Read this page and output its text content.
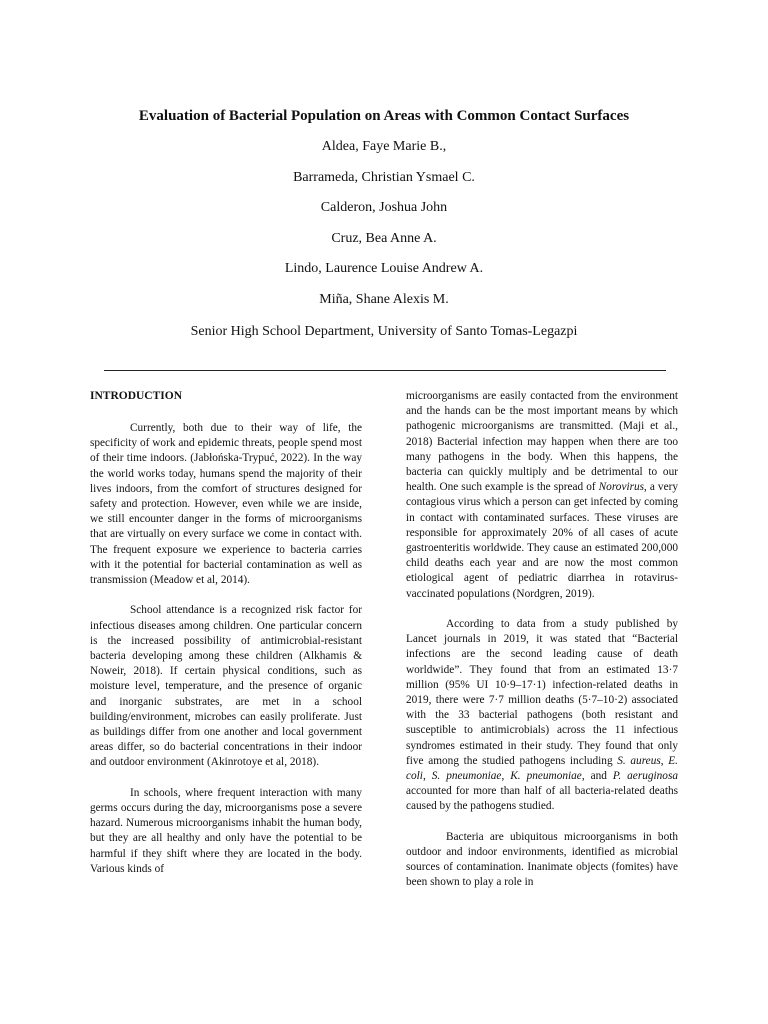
Evaluation of Bacterial Population on Areas with Common Contact Surfaces
Aldea, Faye Marie B.,
Barrameda, Christian Ysmael C.
Calderon, Joshua John
Cruz, Bea Anne A.
Lindo, Laurence Louise Andrew A.
Miña, Shane Alexis M.
Senior High School Department, University of Santo Tomas-Legazpi
INTRODUCTION

Currently, both due to their way of life, the specificity of work and epidemic threats, people spend most of their time indoors. (Jabłońska-Trypuć, 2022). In the way the world works today, humans spend the majority of their lives indoors, from the comfort of structures designed for safety and protection. However, even while we are inside, we still encounter danger in the forms of microorganisms that are virtually on every surface we come in contact with. The frequent exposure we experience to bacteria carries with it the potential for bacterial contamination as well as transmission (Meadow et al, 2014).

School attendance is a recognized risk factor for infectious diseases among children. One particular concern is the increased possibility of antimicrobial-resistant bacteria developing among these children (Alkhamis & Noweir, 2018). If certain physical conditions, such as moisture level, temperature, and the presence of organic and inorganic substrates, are met in a school building/environment, microbes can easily proliferate. Just as buildings differ from one another and local government areas differ, so do bacterial concentrations in their indoor and outdoor environment (Akinrotoye et al, 2018).

In schools, where frequent interaction with many germs occurs during the day, microorganisms pose a severe hazard. Numerous microorganisms inhabit the human body, but they are all healthy and only have the potential to be harmful if they shift where they are located in the body. Various kinds of

microorganisms are easily contacted from the environment and the hands can be the most important means by which pathogenic microorganisms are transmitted. (Maji et al., 2018) Bacterial infection may happen when there are too many pathogens in the body. When this happens, the bacteria can quickly multiply and be detrimental to our health. One such example is the spread of Norovirus, a very contagious virus which a person can get infected by coming in contact with contaminated surfaces. These viruses are responsible for approximately 20% of all cases of acute gastroenteritis worldwide. They cause an estimated 200,000 child deaths each year and are now the most common etiological agent of pediatric diarrhea in rotavirus-vaccinated populations (Nordgren, 2019).

According to data from a study published by Lancet journals in 2019, it was stated that “Bacterial infections are the second leading cause of death worldwide”. They found that from an estimated 13·7 million (95% UI 10·9–17·1) infection-related deaths in 2019, there were 7·7 million deaths (5·7–10·2) associated with the 33 bacterial pathogens (both resistant and susceptible to antimicrobials) across the 11 infectious syndromes estimated in their study. They found that only five among the studied pathogens including S. aureus, E. coli, S. pneumoniae, K. pneumoniae, and P. aeruginosa accounted for more than half of all bacteria-related deaths caused by the pathogens studied.

Bacteria are ubiquitous microorganisms in both outdoor and indoor environments, identified as microbial sources of contamination. Inanimate objects (fomites) have been shown to play a role in
